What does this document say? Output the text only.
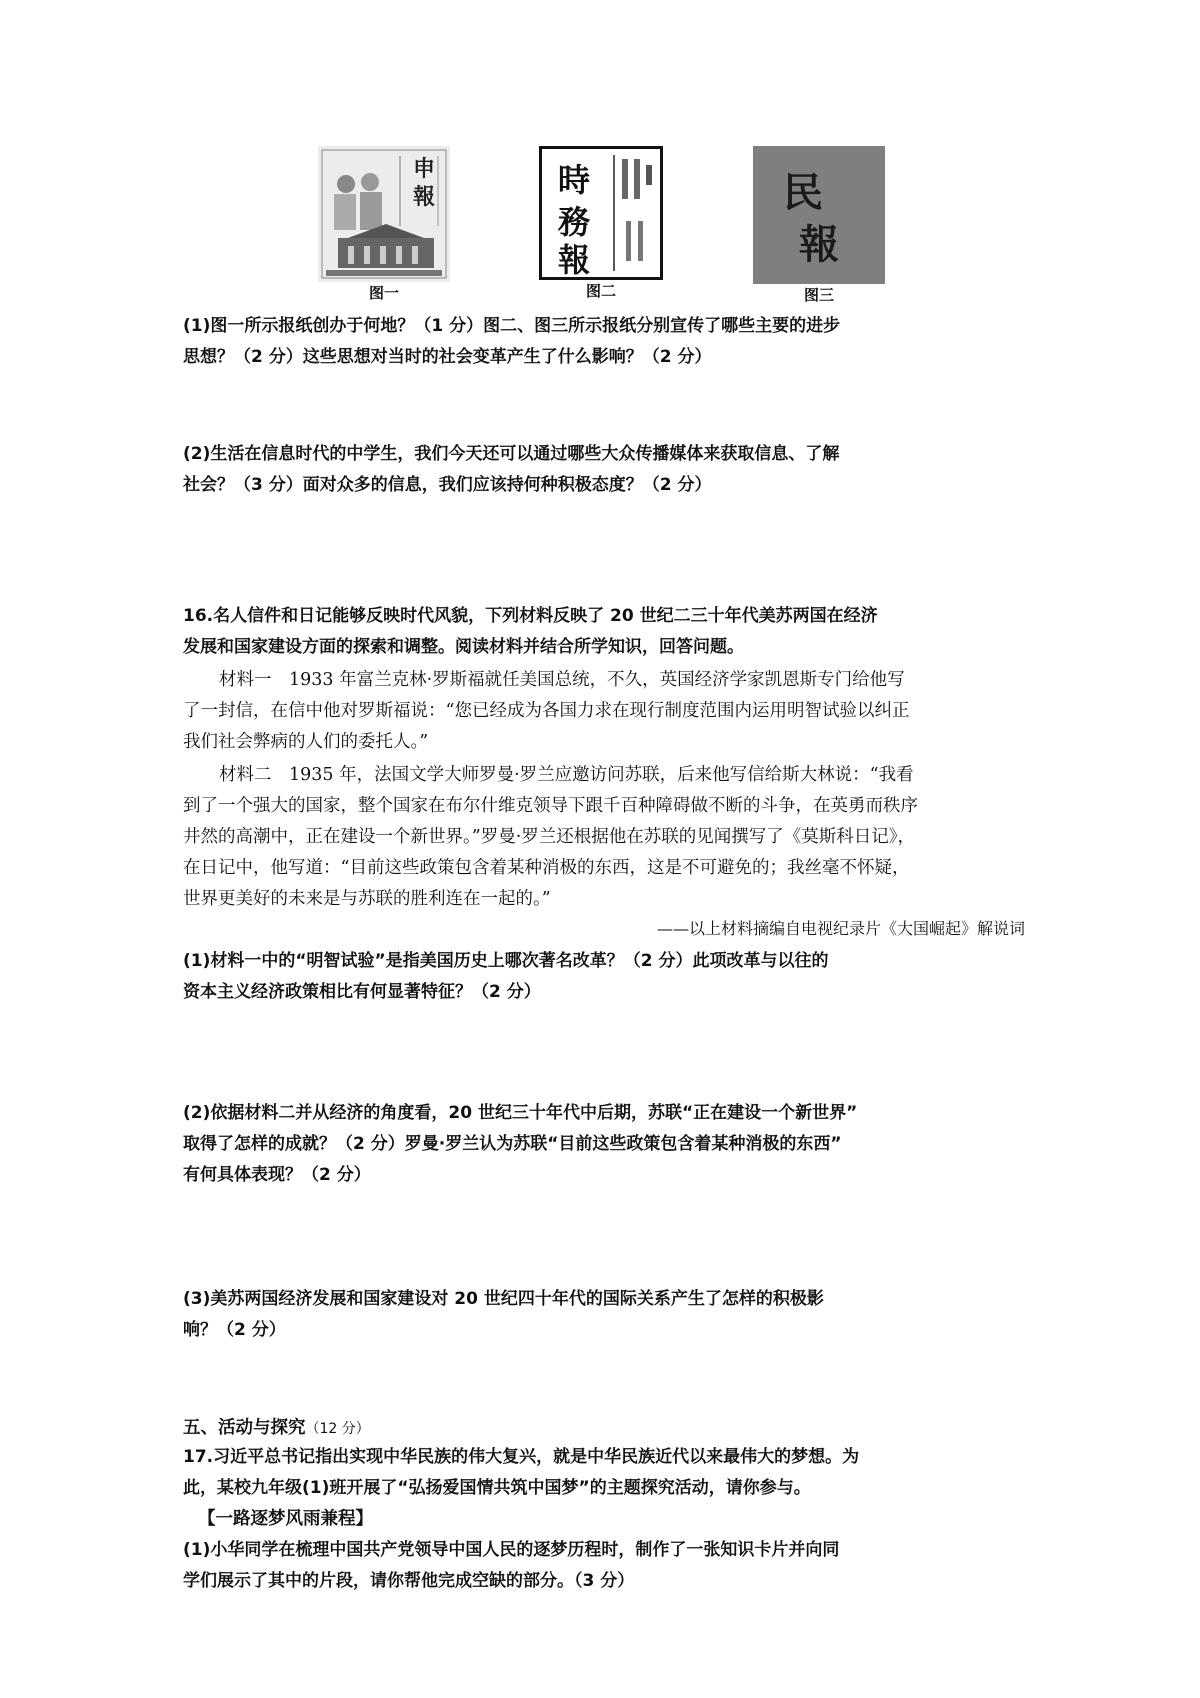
申
報
图一
時
務
報
图二
民
報
图三
(1)图一所示报纸创办于何地？（1 分）图二、图三所示报纸分别宣传了哪些主要的进步
思想？（2 分）这些思想对当时的社会变革产生了什么影响？（2 分）
(2)生活在信息时代的中学生，我们今天还可以通过哪些大众传播媒体来获取信息、了解
社会？（3 分）面对众多的信息，我们应该持何种积极态度？（2 分）
16.名人信件和日记能够反映时代风貌，下列材料反映了 20 世纪二三十年代美苏两国在经济
发展和国家建设方面的探索和调整。阅读材料并结合所学知识，回答问题。
材料一　1933 年富兰克林·罗斯福就任美国总统，不久，英国经济学家凯恩斯专门给他写
了一封信，在信中他对罗斯福说：“您已经成为各国力求在现行制度范围内运用明智试验以纠正
我们社会弊病的人们的委托人。”
材料二　1935 年，法国文学大师罗曼·罗兰应邀访问苏联，后来他写信给斯大林说：“我看
到了一个强大的国家，整个国家在布尔什维克领导下跟千百种障碍做不断的斗争，在英勇而秩序
井然的高潮中，正在建设一个新世界。”罗曼·罗兰还根据他在苏联的见闻撰写了《莫斯科日记》，
在日记中，他写道：“目前这些政策包含着某种消极的东西，这是不可避免的；我丝毫不怀疑，
世界更美好的未来是与苏联的胜利连在一起的。”
——以上材料摘编自电视纪录片《大国崛起》解说词
(1)材料一中的“明智试验”是指美国历史上哪次著名改革？（2 分）此项改革与以往的
资本主义经济政策相比有何显著特征？（2 分）
(2)依据材料二并从经济的角度看，20 世纪三十年代中后期，苏联“正在建设一个新世界”
取得了怎样的成就？（2 分）罗曼·罗兰认为苏联“目前这些政策包含着某种消极的东西”
有何具体表现？（2 分）
(3)美苏两国经济发展和国家建设对 20 世纪四十年代的国际关系产生了怎样的积极影
响？（2 分）
五、活动与探究（12 分）
17.习近平总书记指出实现中华民族的伟大复兴，就是中华民族近代以来最伟大的梦想。为
此，某校九年级(1)班开展了“弘扬爱国情共筑中国梦”的主题探究活动，请你参与。
【一路逐梦风雨兼程】
(1)小华同学在梳理中国共产党领导中国人民的逐梦历程时，制作了一张知识卡片并向同
学们展示了其中的片段，请你帮他完成空缺的部分。（3 分）
